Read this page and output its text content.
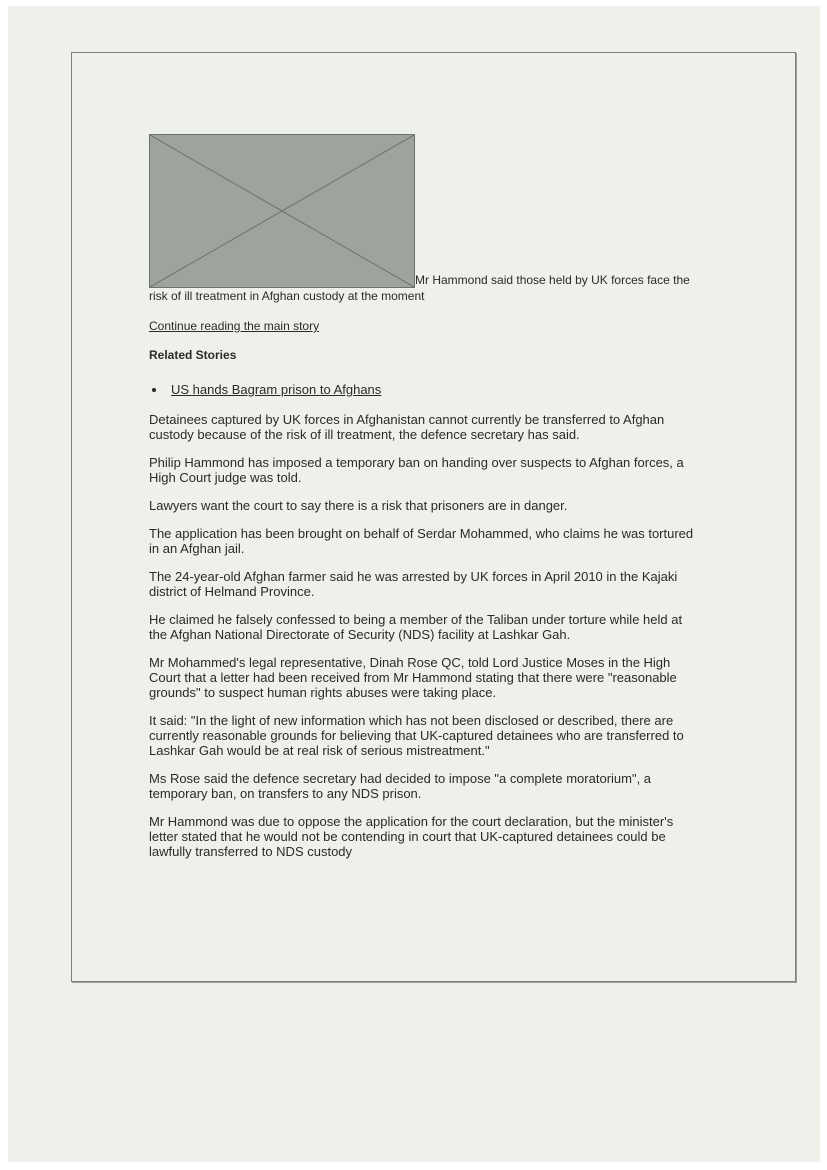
Mr Hammond said those held by UK forces face the risk of ill treatment in Afghan custody at the moment
Continue reading the main story
Related Stories
• US hands Bagram prison to Afghans

Detainees captured by UK forces in Afghanistan cannot currently be transferred to Afghan custody because of the risk of ill treatment, the defence secretary has said.

Philip Hammond has imposed a temporary ban on handing over suspects to Afghan forces, a High Court judge was told.

Lawyers want the court to say there is a risk that prisoners are in danger.

The application has been brought on behalf of Serdar Mohammed, who claims he was tortured in an Afghan jail.

The 24-year-old Afghan farmer said he was arrested by UK forces in April 2010 in the Kajaki district of Helmand Province.

He claimed he falsely confessed to being a member of the Taliban under torture while held at the Afghan National Directorate of Security (NDS) facility at Lashkar Gah.

Mr Mohammed's legal representative, Dinah Rose QC, told Lord Justice Moses in the High Court that a letter had been received from Mr Hammond stating that there were "reasonable grounds" to suspect human rights abuses were taking place.

It said: "In the light of new information which has not been disclosed or described, there are currently reasonable grounds for believing that UK-captured detainees who are transferred to Lashkar Gah would be at real risk of serious mistreatment."

Ms Rose said the defence secretary had decided to impose "a complete moratorium", a temporary ban, on transfers to any NDS prison.

Mr Hammond was due to oppose the application for the court declaration, but the minister's letter stated that he would not be contending in court that UK-captured detainees could be lawfully transferred to NDS custody
